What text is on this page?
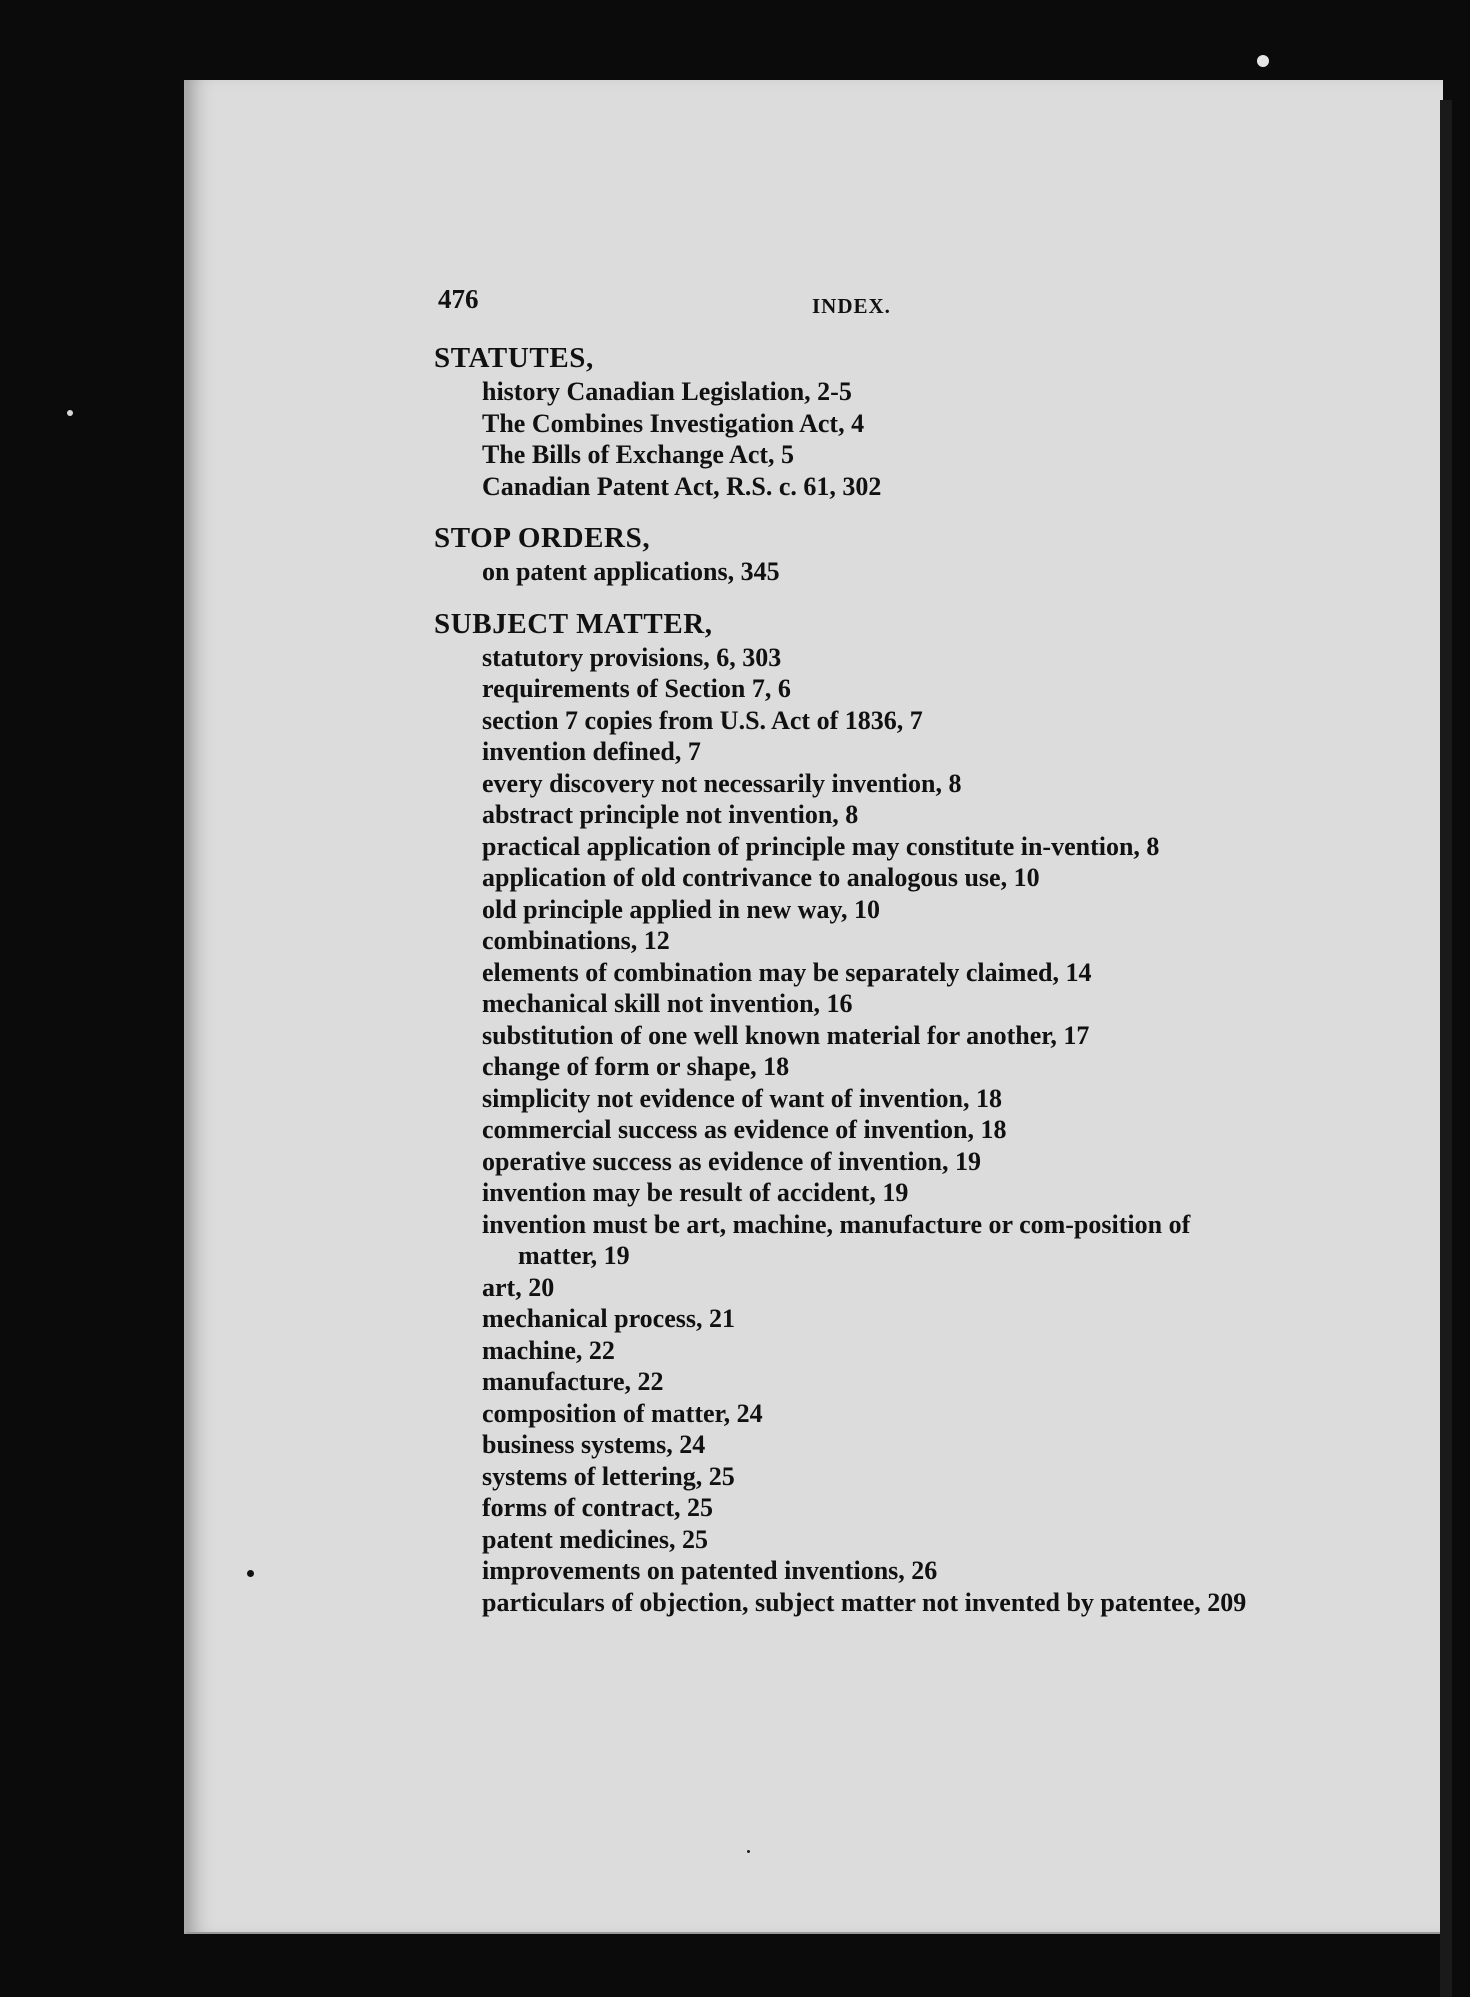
476	INDEX.
STATUTES,
history Canadian Legislation, 2-5
The Combines Investigation Act, 4
The Bills of Exchange Act, 5
Canadian Patent Act, R.S. c. 61, 302
STOP ORDERS,
on patent applications, 345
SUBJECT MATTER,
statutory provisions, 6, 303
requirements of Section 7, 6
section 7 copies from U.S. Act of 1836, 7
invention defined, 7
every discovery not necessarily invention, 8
abstract principle not invention, 8
practical application of principle may constitute in-vention, 8
application of old contrivance to analogous use, 10
old principle applied in new way, 10
combinations, 12
elements of combination may be separately claimed, 14
mechanical skill not invention, 16
substitution of one well known material for another, 17
change of form or shape, 18
simplicity not evidence of want of invention, 18
commercial success as evidence of invention, 18
operative success as evidence of invention, 19
invention may be result of accident, 19
invention must be art, machine, manufacture or com-position of matter, 19
art, 20
mechanical process, 21
machine, 22
manufacture, 22
composition of matter, 24
business systems, 24
systems of lettering, 25
forms of contract, 25
patent medicines, 25
improvements on patented inventions, 26
particulars of objection, subject matter not invented by patentee, 209
